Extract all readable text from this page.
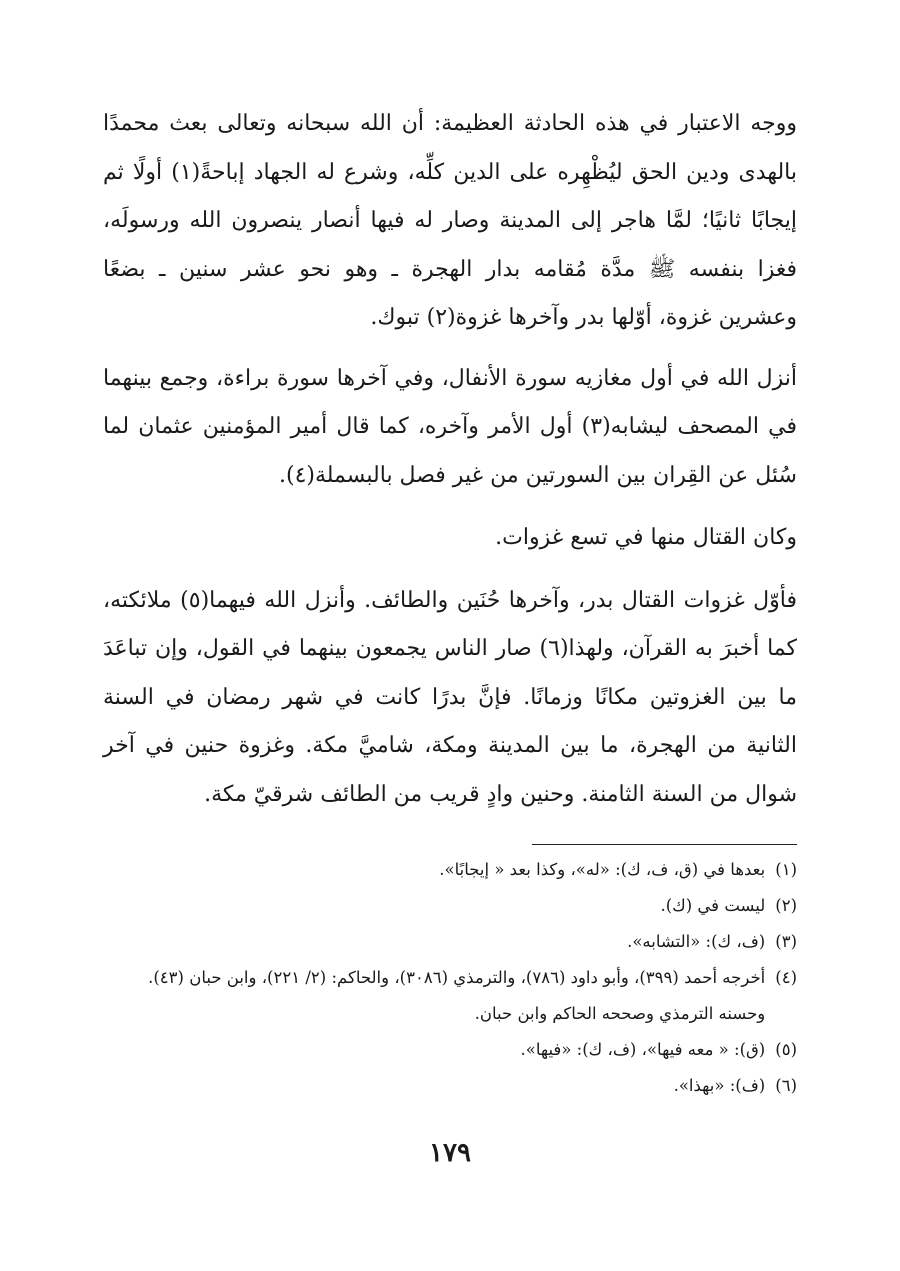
ووجه الاعتبار في هذه الحادثة العظيمة: أن الله سبحانه وتعالى بعث محمدًا بالهدى ودين الحق ليُظْهِره على الدين كلِّه، وشرع له الجهاد إباحةً(١) أولًا ثم إيجابًا ثانيًا؛ لمَّا هاجر إلى المدينة وصار له فيها أنصار ينصرون الله ورسولَه، فغزا بنفسه ﷺ مدَّة مُقامه بدار الهجرة ـ وهو نحو عشر سنين ـ بضعًا وعشرين غزوة، أوّلها بدر وآخرها غزوة(٢) تبوك.

أنزل الله في أول مغازيه سورة الأنفال، وفي آخرها سورة براءة، وجمع بينهما في المصحف ليشابه(٣) أول الأمر وآخره، كما قال أمير المؤمنين عثمان لما سُئل عن القِران بين السورتين من غير فصل بالبسملة(٤).

وكان القتال منها في تسع غزوات.

فأوّل غزوات القتال بدر، وآخرها حُنَين والطائف. وأنزل الله فيهما(٥) ملائكته، كما أخبرَ به القرآن، ولهذا(٦) صار الناس يجمعون بينهما في القول، وإن تباعَدَ ما بين الغزوتين مكانًا وزمانًا. فإنَّ بدرًا كانت في شهر رمضان في السنة الثانية من الهجرة، ما بين المدينة ومكة، شاميَّ مكة. وغزوة حنين في آخر شوال من السنة الثامنة. وحنين وادٍ قريب من الطائف شرقيّ مكة.

(١)
بعدها في (ق، ف، ك): «له»، وكذا بعد « إيجابًا».
(٢)
ليست في (ك).
(٣)
(ف، ك): «التشابه».
(٤)
أخرجه أحمد (٣٩٩)، وأبو داود (٧٨٦)، والترمذي (٣٠٨٦)، والحاكم: (٢/ ٢٢١)، وابن حبان (٤٣). وحسنه الترمذي وصححه الحاكم وابن حبان.
(٥)
(ق): « معه فيها»، (ف، ك): «فيها».
(٦)
(ف): «بهذا».
١٧٩
